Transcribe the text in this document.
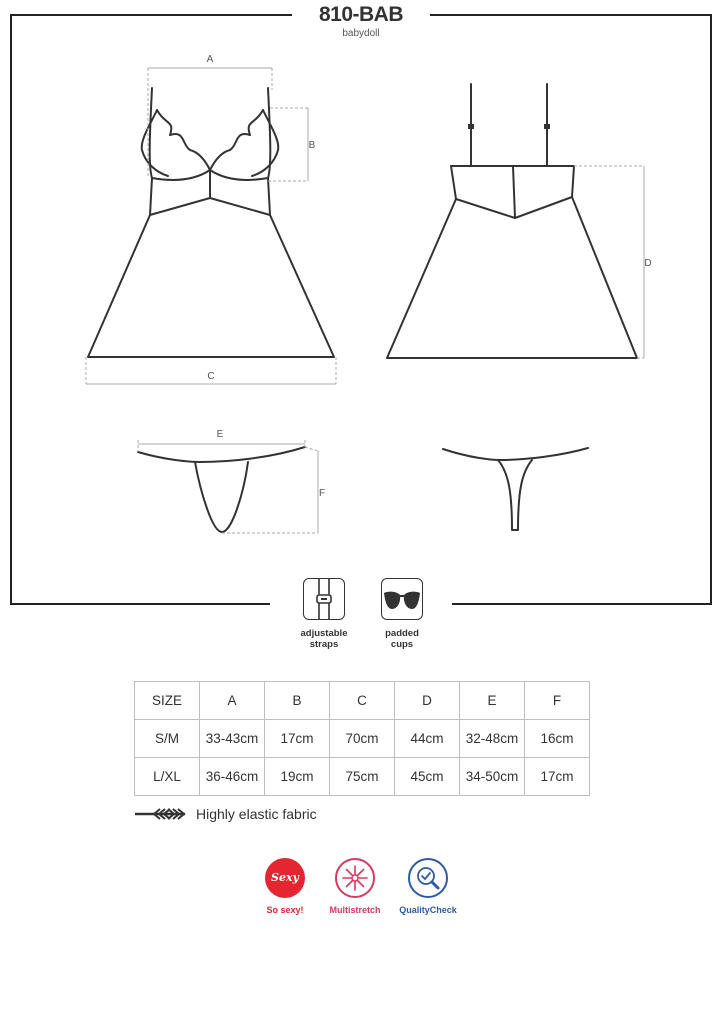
810-BAB
babydoll
A
B
C
D
E
F
adjustable
straps
padded
cups
SIZE	A	B	C	D	E	F
S/M	33-43cm	17cm	70cm	44cm	32-48cm	16cm
L/XL	36-46cm	19cm	75cm	45cm	34-50cm	17cm
Highly elastic fabric
Sexy
So sexy!	Multistretch	QualityCheck
